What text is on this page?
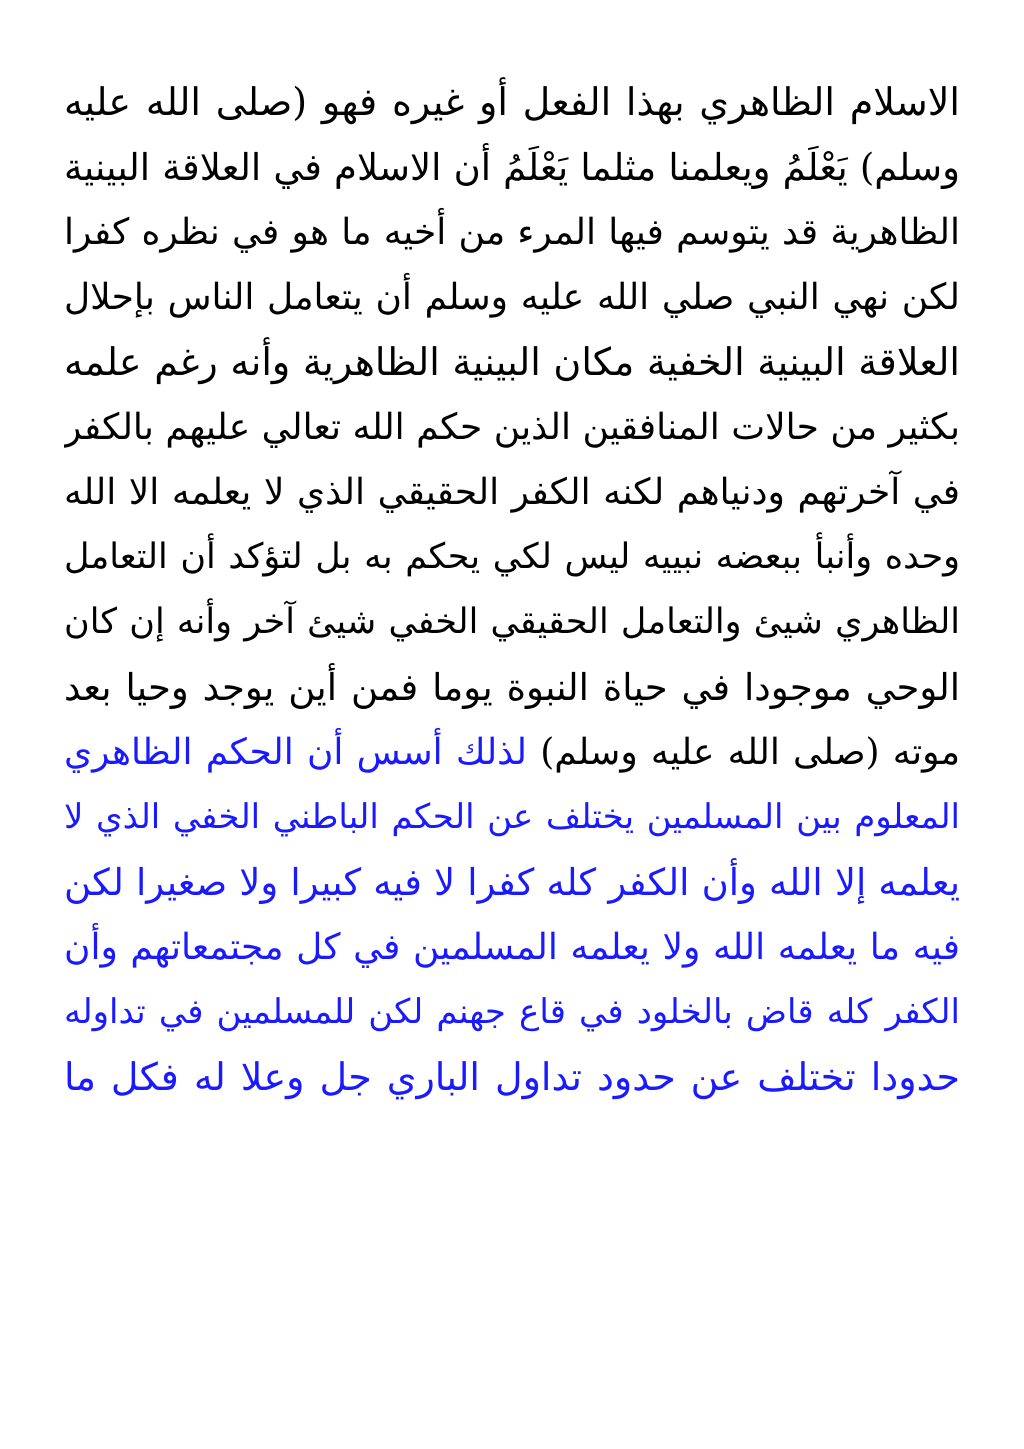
الاسلام الظاهري بهذا الفعل أو غيره فهو (صلى الله عليه
وسلم) يَعْلَمُ ويعلمنا مثلما يَعْلَمُ أن الاسلام في العلاقة البينية
الظاهرية قد يتوسم فيها المرء من أخيه ما هو في نظره كفرا
لكن نهي النبي صلي الله عليه وسلم أن يتعامل الناس بإحلال
العلاقة البينية الخفية مكان البينية الظاهرية وأنه رغم علمه
بكثير من حالات المنافقين الذين حكم الله تعالي عليهم بالكفر
في آخرتهم ودنياهم لكنه الكفر الحقيقي الذي لا يعلمه الا الله
وحده وأنبأ ببعضه نبييه ليس لكي يحكم به بل لتؤكد أن التعامل
الظاهري شيئ والتعامل الحقيقي الخفي شيئ آخر وأنه إن كان
الوحي موجودا في حياة النبوة يوما فمن أين يوجد وحيا بعد
موته (صلى الله عليه وسلم) لذلك أسس أن الحكم الظاهري
المعلوم بين المسلمين يختلف عن الحكم الباطني الخفي الذي لا
يعلمه إلا الله وأن الكفر كله كفرا لا فيه كبيرا ولا صغيرا لكن
فيه ما يعلمه الله ولا يعلمه المسلمين في كل مجتمعاتهم وأن
الكفر كله قاض بالخلود في قاع جهنم لكن للمسلمين في تداوله
حدودا تختلف عن حدود تداول الباري جل وعلا له فكل ما
